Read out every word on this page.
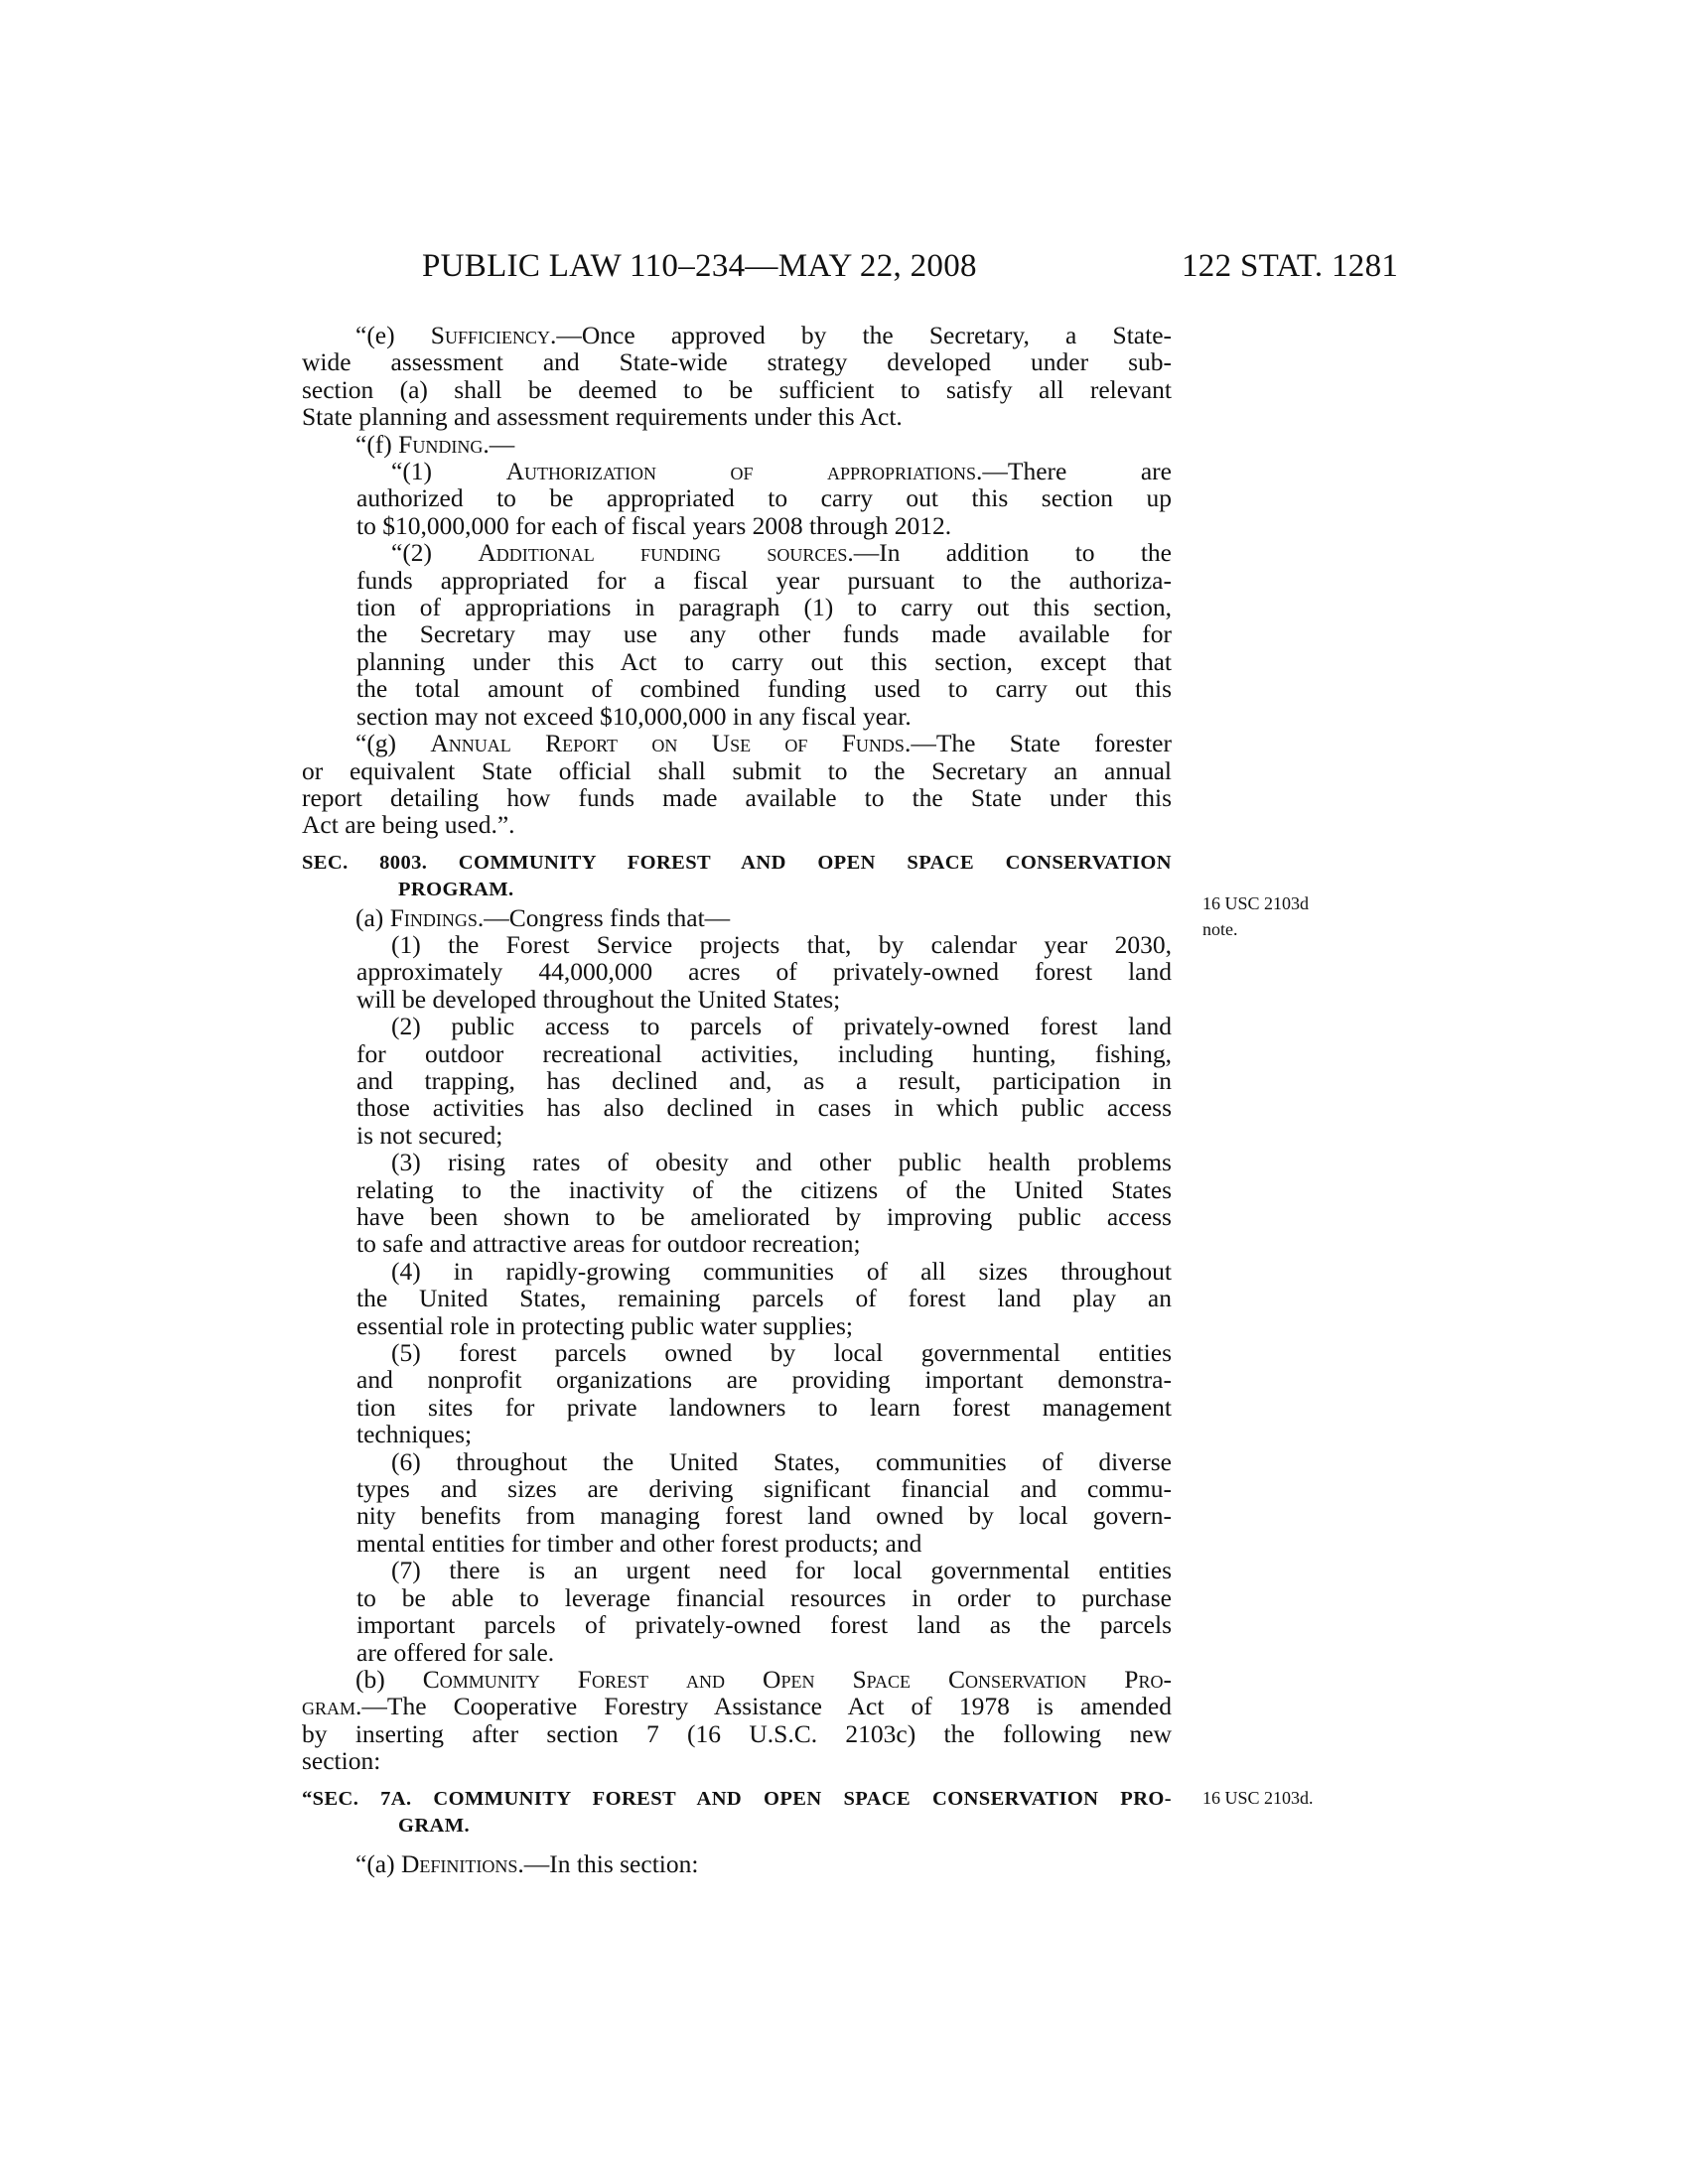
PUBLIC LAW 110–234—MAY 22, 2008	122 STAT. 1281
“(e) Sufficiency.—Once approved by the Secretary, a State-
wide assessment and State-wide strategy developed under sub-
section (a) shall be deemed to be sufficient to satisfy all relevant
State planning and assessment requirements under this Act.
“(f) Funding.—
“(1) Authorization of appropriations.—There are
authorized to be appropriated to carry out this section up
to $10,000,000 for each of fiscal years 2008 through 2012.
“(2) Additional funding sources.—In addition to the
funds appropriated for a fiscal year pursuant to the authoriza-
tion of appropriations in paragraph (1) to carry out this section,
the Secretary may use any other funds made available for
planning under this Act to carry out this section, except that
the total amount of combined funding used to carry out this
section may not exceed $10,000,000 in any fiscal year.
“(g) Annual Report on Use of Funds.—The State forester
or equivalent State official shall submit to the Secretary an annual
report detailing how funds made available to the State under this
Act are being used.”.
SEC. 8003. COMMUNITY FOREST AND OPEN SPACE CONSERVATION
PROGRAM.
(a) Findings.—Congress finds that—
(1) the Forest Service projects that, by calendar year 2030,
approximately 44,000,000 acres of privately-owned forest land
will be developed throughout the United States;
(2) public access to parcels of privately-owned forest land
for outdoor recreational activities, including hunting, fishing,
and trapping, has declined and, as a result, participation in
those activities has also declined in cases in which public access
is not secured;
(3) rising rates of obesity and other public health problems
relating to the inactivity of the citizens of the United States
have been shown to be ameliorated by improving public access
to safe and attractive areas for outdoor recreation;
(4) in rapidly-growing communities of all sizes throughout
the United States, remaining parcels of forest land play an
essential role in protecting public water supplies;
(5) forest parcels owned by local governmental entities
and nonprofit organizations are providing important demonstra-
tion sites for private landowners to learn forest management
techniques;
(6) throughout the United States, communities of diverse
types and sizes are deriving significant financial and commu-
nity benefits from managing forest land owned by local govern-
mental entities for timber and other forest products; and
(7) there is an urgent need for local governmental entities
to be able to leverage financial resources in order to purchase
important parcels of privately-owned forest land as the parcels
are offered for sale.
(b) Community Forest and Open Space Conservation Pro-
gram.—The Cooperative Forestry Assistance Act of 1978 is amended
by inserting after section 7 (16 U.S.C. 2103c) the following new
section:
“SEC. 7A. COMMUNITY FOREST AND OPEN SPACE CONSERVATION PRO-
GRAM.
“(a) Definitions.—In this section:
16 USC 2103d
note.
16 USC 2103d.
